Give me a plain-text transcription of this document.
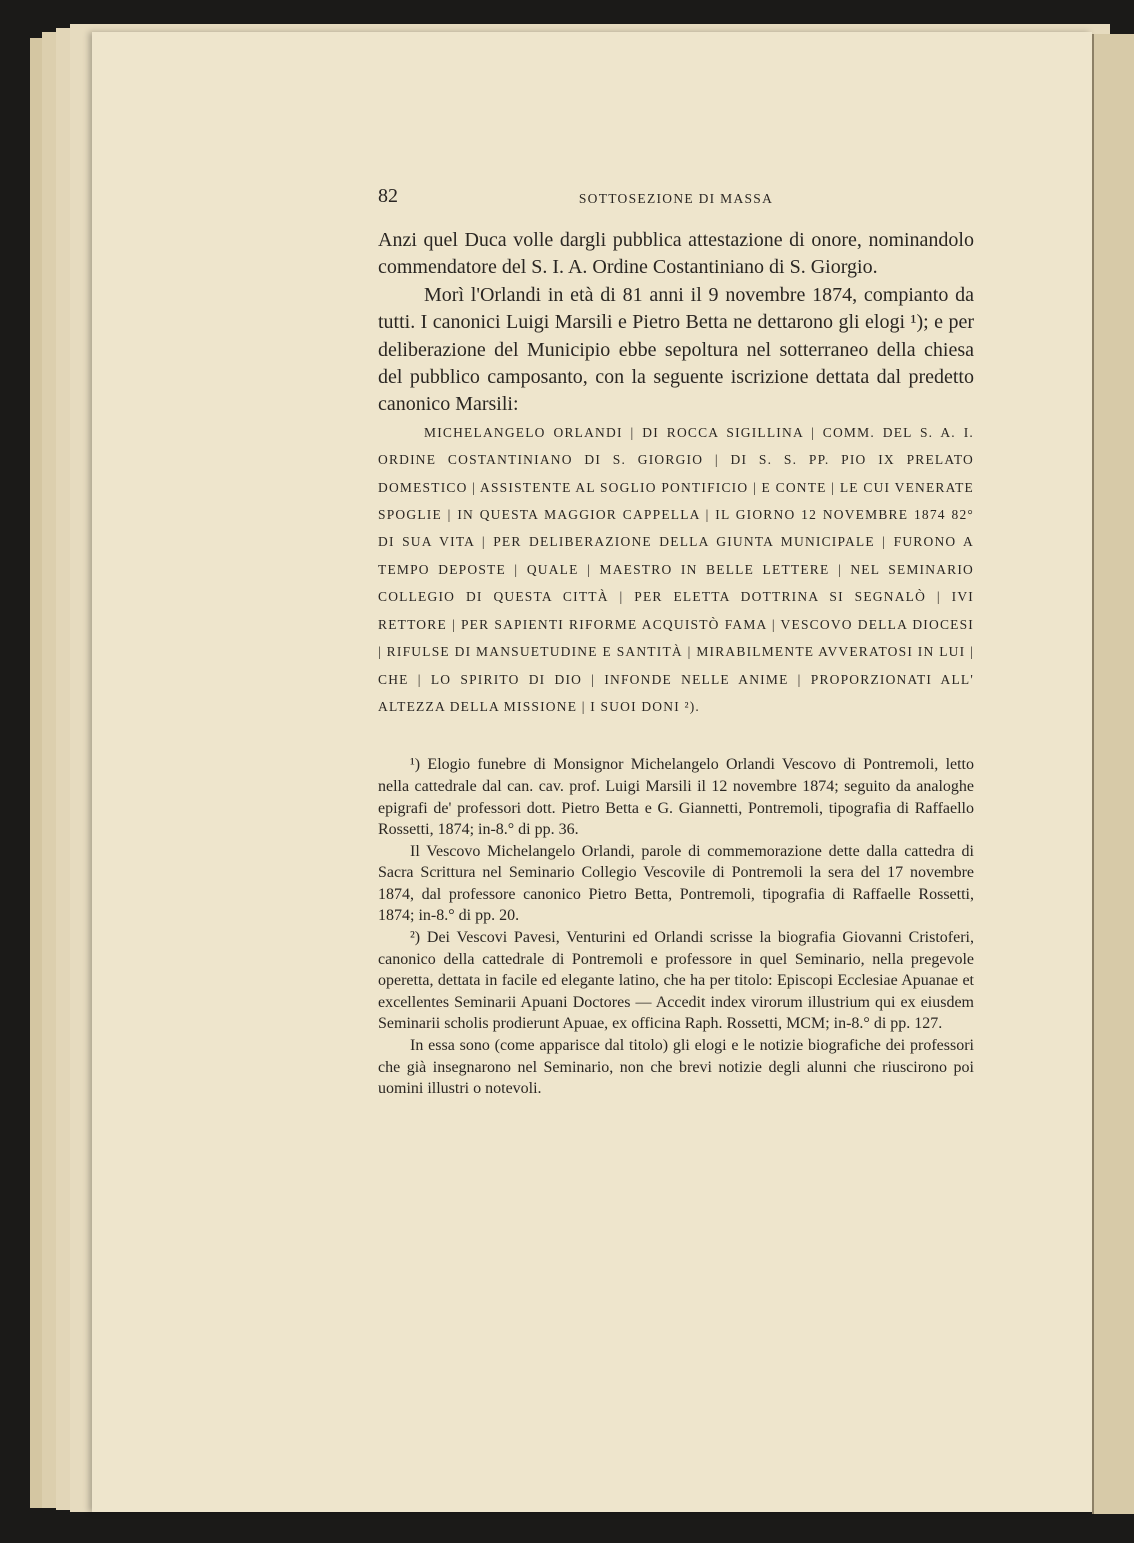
82	SOTTOSEZIONE DI MASSA

Anzi quel Duca volle dargli pubblica attestazione di onore, nominandolo commendatore del S. I. A. Ordine Costantiniano di S. Giorgio.

Morì l'Orlandi in età di 81 anni il 9 novembre 1874, compianto da tutti. I canonici Luigi Marsili e Pietro Betta ne dettarono gli elogi ¹); e per deliberazione del Municipio ebbe sepoltura nel sotterraneo della chiesa del pubblico camposanto, con la seguente iscrizione dettata dal predetto canonico Marsili:

MICHELANGELO ORLANDI | DI ROCCA SIGILLINA | COMM. DEL S. A. I. ORDINE COSTANTINIANO DI S. GIORGIO | DI S. S. PP. PIO IX PRELATO DOMESTICO | ASSISTENTE AL SOGLIO PONTIFICIO | E CONTE | LE CUI VENERATE SPOGLIE | IN QUESTA MAGGIOR CAPPELLA | IL GIORNO 12 NOVEMBRE 1874 82° DI SUA VITA | PER DELIBERAZIONE DELLA GIUNTA MUNICIPALE | FURONO A TEMPO DEPOSTE | QUALE | MAESTRO IN BELLE LETTERE | NEL SEMINARIO COLLEGIO DI QUESTA CITTÀ | PER ELETTA DOTTRINA SI SEGNALÒ | IVI RETTORE | PER SAPIENTI RIFORME ACQUISTÒ FAMA | VESCOVO DELLA DIOCESI | RIFULSE DI MANSUETUDINE E SANTITÀ | MIRABILMENTE AVVERATOSI IN LUI | CHE | LO SPIRITO DI DIO | INFONDE NELLE ANIME | PROPORZIONATI ALL' ALTEZZA DELLA MISSIONE | I SUOI DONI ²).

¹) Elogio funebre di Monsignor Michelangelo Orlandi Vescovo di Pontremoli, letto nella cattedrale dal can. cav. prof. Luigi Marsili il 12 novembre 1874; seguito da analoghe epigrafi de' professori dott. Pietro Betta e G. Giannetti, Pontremoli, tipografia di Raffaello Rossetti, 1874; in-8.° di pp. 36.

Il Vescovo Michelangelo Orlandi, parole di commemorazione dette dalla cattedra di Sacra Scrittura nel Seminario Collegio Vescovile di Pontremoli la sera del 17 novembre 1874, dal professore canonico Pietro Betta, Pontremoli, tipografia di Raffaelle Rossetti, 1874; in-8.° di pp. 20.

²) Dei Vescovi Pavesi, Venturini ed Orlandi scrisse la biografia Giovanni Cristoferi, canonico della cattedrale di Pontremoli e professore in quel Seminario, nella pregevole operetta, dettata in facile ed elegante latino, che ha per titolo: Episcopi Ecclesiae Apuanae et excellentes Seminarii Apuani Doctores — Accedit index virorum illustrium qui ex eiusdem Seminarii scholis prodierunt Apuae, ex officina Raph. Rossetti, MCM; in-8.° di pp. 127.

In essa sono (come apparisce dal titolo) gli elogi e le notizie biografiche dei professori che già insegnarono nel Seminario, non che brevi notizie degli alunni che riuscirono poi uomini illustri o notevoli.
